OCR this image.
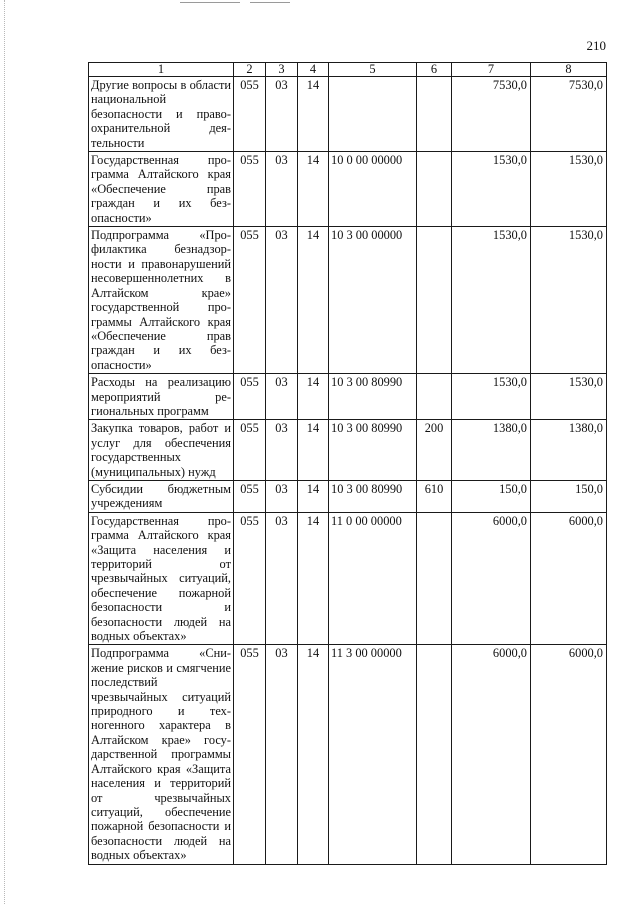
210
1	2	3	4	5	6	7	8
Другие вопросы в области национальной безопасности и правоохранительной деятельности	055	03	14			7530,0	7530,0
Государственная программа Алтайского края «Обеспечение прав граждан и их безопасности»	055	03	14	10 0 00 00000		1530,0	1530,0
Подпрограмма «Профилактика безнадзорности и правонарушений несовершеннолетних в Алтайском крае» государственной программы Алтайского края «Обеспечение прав граждан и их безопасности»	055	03	14	10 3 00 00000		1530,0	1530,0
Расходы на реализацию мероприятий региональных программ	055	03	14	10 3 00 80990		1530,0	1530,0
Закупка товаров, работ и услуг для обеспечения государственных (муниципальных) нужд	055	03	14	10 3 00 80990	200	1380,0	1380,0
Субсидии бюджетным учреждениям	055	03	14	10 3 00 80990	610	150,0	150,0
Государственная программа Алтайского края «Защита населения и территорий от чрезвычайных ситуаций, обеспечение пожарной безопасности и безопасности людей на водных объектах»	055	03	14	11 0 00 00000		6000,0	6000,0
Подпрограмма «Снижение рисков и смягчение последствий чрезвычайных ситуаций природного и техногенного характера в Алтайском крае» государственной программы Алтайского края «Защита населения и территорий от чрезвычайных ситуаций, обеспечение пожарной безопасности и безопасности людей на водных объектах»	055	03	14	11 3 00 00000		6000,0	6000,0
